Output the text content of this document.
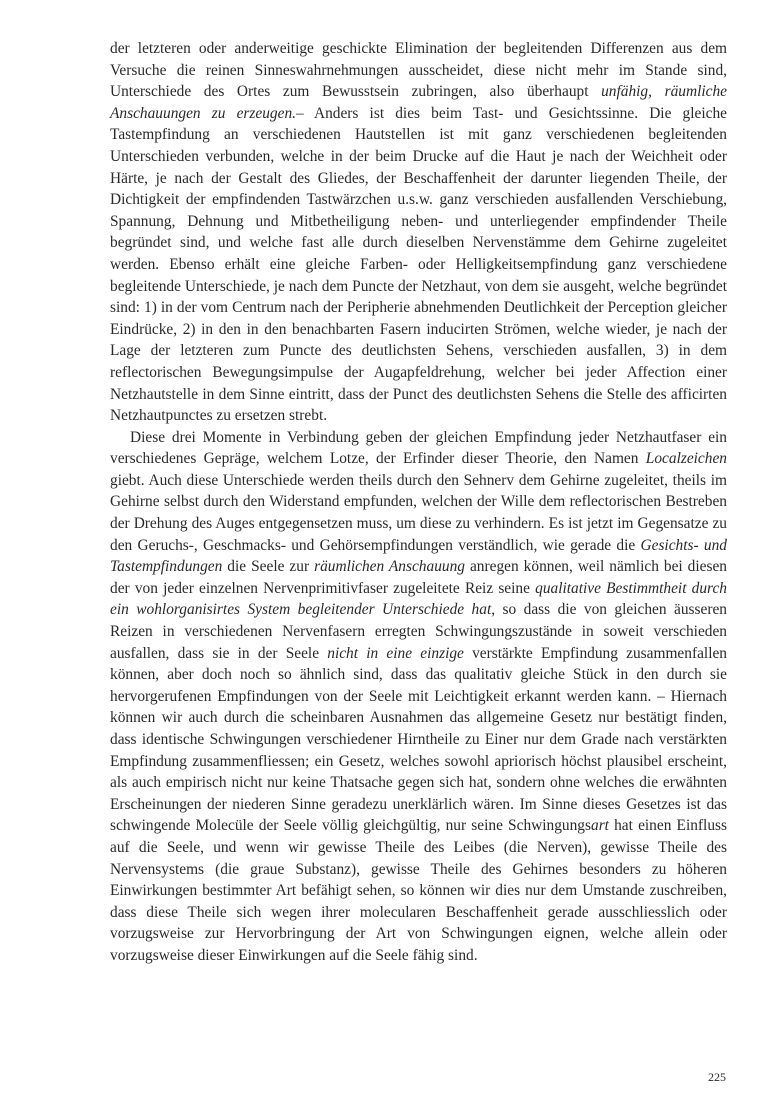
der letzteren oder anderweitige geschickte Elimination der begleitenden Differenzen aus dem Versuche die reinen Sinneswahrnehmungen ausscheidet, diese nicht mehr im Stande sind, Unterschiede des Ortes zum Bewusstsein zubringen, also überhaupt unfähig, räumliche Anschauungen zu erzeugen.– Anders ist dies beim Tast- und Gesichtssinne. Die gleiche Tastempfindung an verschiedenen Hautstellen ist mit ganz verschiedenen begleitenden Unterschieden verbunden, welche in der beim Drucke auf die Haut je nach der Weichheit oder Härte, je nach der Gestalt des Gliedes, der Beschaffenheit der darunter liegenden Theile, der Dichtigkeit der empfindenden Tastwärzchen u.s.w. ganz verschieden ausfallenden Verschiebung, Spannung, Dehnung und Mitbetheiligung neben- und unterliegender empfindender Theile begründet sind, und welche fast alle durch dieselben Nervenstämme dem Gehirne zugeleitet werden. Ebenso erhält eine gleiche Farben- oder Helligkeitsempfindung ganz verschiedene begleitende Unterschiede, je nach dem Puncte der Netzhaut, von dem sie ausgeht, welche begründet sind: 1) in der vom Centrum nach der Peripherie abnehmenden Deutlichkeit der Perception gleicher Eindrücke, 2) in den in den benachbarten Fasern inducirten Strömen, welche wieder, je nach der Lage der letzteren zum Puncte des deutlichsten Sehens, verschieden ausfallen, 3) in dem reflectorischen Bewegungsimpulse der Augapfeldrehung, welcher bei jeder Affection einer Netzhautstelle in dem Sinne eintritt, dass der Punct des deutlichsten Sehens die Stelle des afficirten Netzhautpunctes zu ersetzen strebt.

Diese drei Momente in Verbindung geben der gleichen Empfindung jeder Netzhautfaser ein verschiedenes Gepräge, welchem Lotze, der Erfinder dieser Theorie, den Namen Localzeichen giebt. Auch diese Unterschiede werden theils durch den Sehnerv dem Gehirne zugeleitet, theils im Gehirne selbst durch den Widerstand empfunden, welchen der Wille dem reflectorischen Bestreben der Drehung des Auges entgegensetzen muss, um diese zu verhindern. Es ist jetzt im Gegensatze zu den Geruchs-, Geschmacks- und Gehörsempfindungen verständlich, wie gerade die Gesichts- und Tastempfindungen die Seele zur räumlichen Anschauung anregen können, weil nämlich bei diesen der von jeder einzelnen Nervenprimitivfaser zugeleitete Reiz seine qualitative Bestimmtheit durch ein wohlorganisirtes System begleitender Unterschiede hat, so dass die von gleichen äusseren Reizen in verschiedenen Nervenfasern erregten Schwingungszustände in soweit verschieden ausfallen, dass sie in der Seele nicht in eine einzige verstärkte Empfindung zusammenfallen können, aber doch noch so ähnlich sind, dass das qualitativ gleiche Stück in den durch sie hervorgerufenen Empfindungen von der Seele mit Leichtigkeit erkannt werden kann. – Hiernach können wir auch durch die scheinbaren Ausnahmen das allgemeine Gesetz nur bestätigt finden, dass identische Schwingungen verschiedener Hirntheile zu Einer nur dem Grade nach verstärkten Empfindung zusammenfliessen; ein Gesetz, welches sowohl apriorisch höchst plausibel erscheint, als auch empirisch nicht nur keine Thatsache gegen sich hat, sondern ohne welches die erwähnten Erscheinungen der niederen Sinne geradezu unerklärlich wären. Im Sinne dieses Gesetzes ist das schwingende Molecüle der Seele völlig gleichgültig, nur seine Schwingungsart hat einen Einfluss auf die Seele, und wenn wir gewisse Theile des Leibes (die Nerven), gewisse Theile des Nervensystems (die graue Substanz), gewisse Theile des Gehirnes besonders zu höheren Einwirkungen bestimmter Art befähigt sehen, so können wir dies nur dem Umstande zuschreiben, dass diese Theile sich wegen ihrer molecularen Beschaffenheit gerade ausschliesslich oder vorzugsweise zur Hervorbringung der Art von Schwingungen eignen, welche allein oder vorzugsweise dieser Einwirkungen auf die Seele fähig sind.

225
